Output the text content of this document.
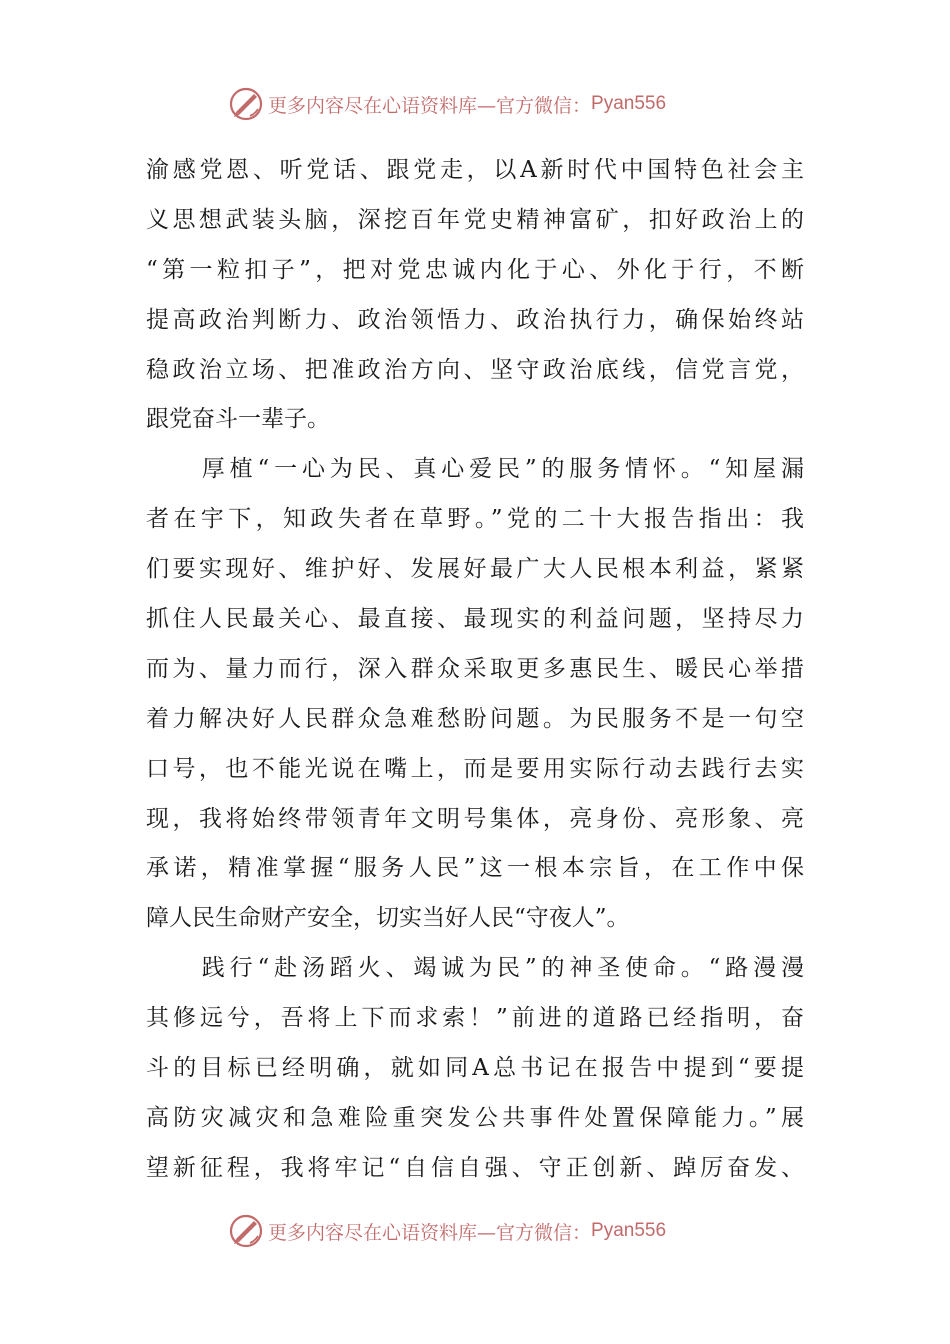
更多内容尽在心语资料库—官方微信： Pyan556
渝感党恩、听党话、跟党走，以A新时代中国特色社会主
义思想武装头脑，深挖百年党史精神富矿，扣好政治上的
“第一粒扣子”，把对党忠诚内化于心、外化于行，不断
提高政治判断力、政治领悟力、政治执行力，确保始终站
稳政治立场、把准政治方向、坚守政治底线，信党言党，
跟党奋斗一辈子。
　　厚植“一心为民、真心爱民”的服务情怀。“知屋漏
者在宇下，知政失者在草野。”党的二十大报告指出：我
们要实现好、维护好、发展好最广大人民根本利益，紧紧
抓住人民最关心、最直接、最现实的利益问题，坚持尽力
而为、量力而行，深入群众采取更多惠民生、暖民心举措
着力解决好人民群众急难愁盼问题。为民服务不是一句空
口号，也不能光说在嘴上，而是要用实际行动去践行去实
现，我将始终带领青年文明号集体，亮身份、亮形象、亮
承诺，精准掌握“服务人民”这一根本宗旨，在工作中保
障人民生命财产安全，切实当好人民“守夜人”。
　　践行“赴汤蹈火、竭诚为民”的神圣使命。“路漫漫
其修远兮，吾将上下而求索！”前进的道路已经指明，奋
斗的目标已经明确，就如同A总书记在报告中提到“要提
高防灾减灾和急难险重突发公共事件处置保障能力。”展
望新征程，我将牢记“自信自强、守正创新、踔厉奋发、
更多内容尽在心语资料库—官方微信： Pyan556
